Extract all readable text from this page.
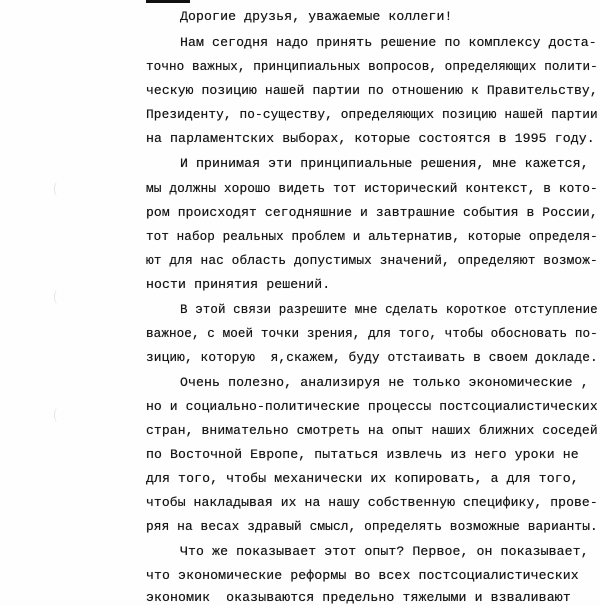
Дорогие друзья, уважаемые коллеги!
Нам сегодня надо принять решение по комплексу доста-
точно важных, принципиальных вопросов, определяющих полити-
ческую позицию нашей партии по отношению к Правительству,
Президенту, по-существу, определяющих позицию нашей партии
на парламентских выборах, которые состоятся в 1995 году.
И принимая эти принципиальные решения, мне кажется,
мы должны хорошо видеть тот исторический контекст, в кото-
ром происходят сегодняшние и завтрашние события в России,
тот набор реальных проблем и альтернатив, которые определя-
ют для нас область допустимых значений, определяют возмож-
ности принятия решений.
В этой связи разрешите мне сделать короткое отступление
важное, с моей точки зрения, для того, чтобы обосновать по-
зицию, которую  я,скажем, буду отстаивать в своем докладе.
Очень полезно, анализируя не только экономические ,
но и социально-политические процессы постсоциалистических
стран, внимательно смотреть на опыт наших ближних соседей
по Восточной Европе, пытаться извлечь из него уроки не
для того, чтобы механически их копировать, а для того,
чтобы накладывая их на нашу собственную специфику, прове-
ряя на весах здравый смысл, определять возможные варианты.
Что же показывает этот опыт? Первое, он показывает,
что экономические реформы во всех постсоциалистических
экономик  оказываются предельно тяжелыми и взваливают
